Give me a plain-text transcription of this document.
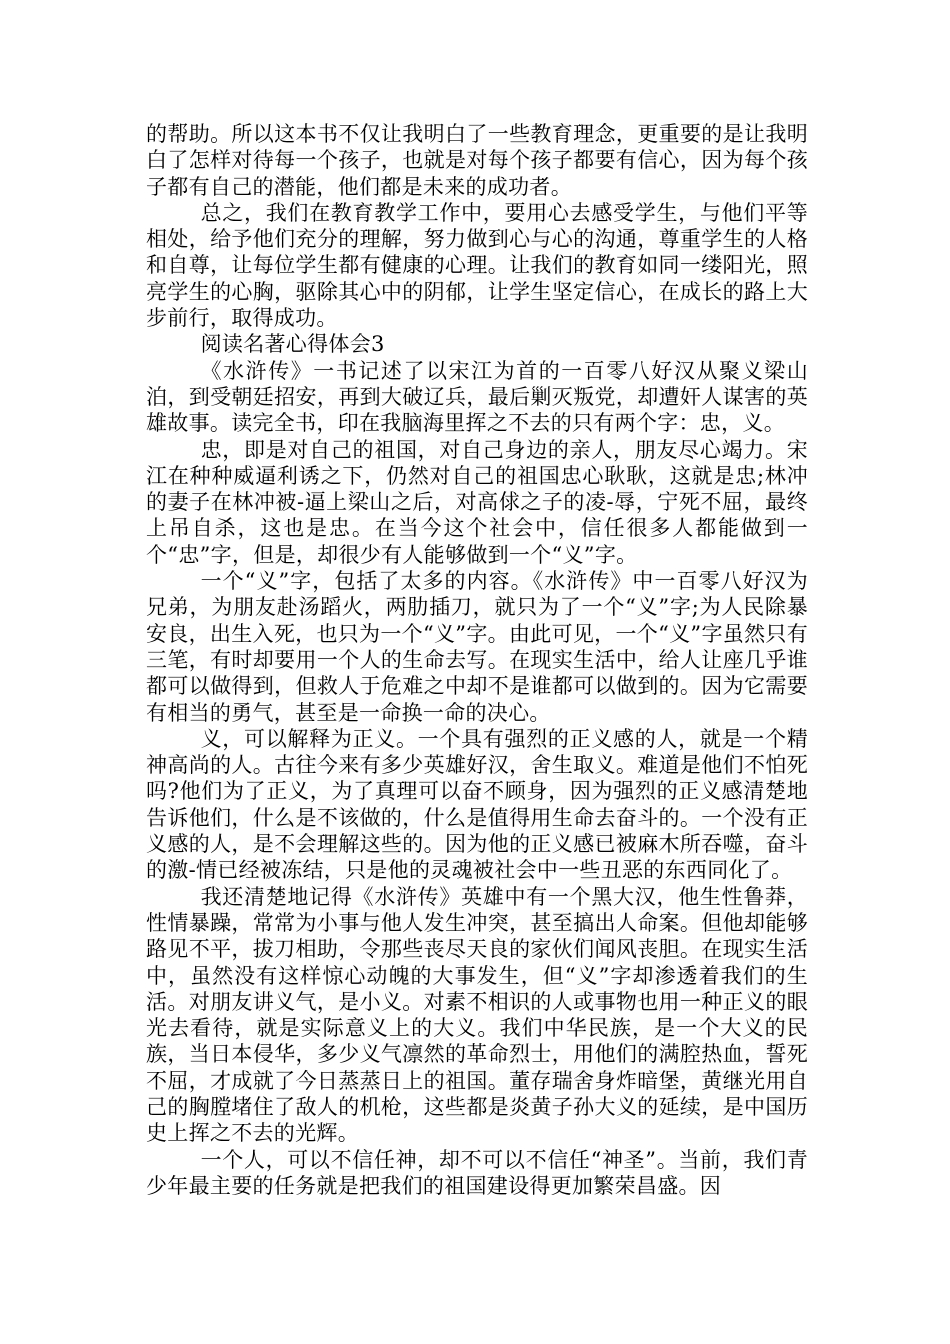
的帮助。所以这本书不仅让我明白了一些教育理念，更重要的是让我明白了怎样对待每一个孩子，也就是对每个孩子都要有信心，因为每个孩子都有自己的潜能，他们都是未来的成功者。

总之，我们在教育教学工作中，要用心去感受学生，与他们平等相处，给予他们充分的理解，努力做到心与心的沟通，尊重学生的人格和自尊，让每位学生都有健康的心理。让我们的教育如同一缕阳光，照亮学生的心胸，驱除其心中的阴郁，让学生坚定信心，在成长的路上大步前行，取得成功。

阅读名著心得体会3

《水浒传》一书记述了以宋江为首的一百零八好汉从聚义梁山泊，到受朝廷招安，再到大破辽兵，最后剿灭叛党，却遭奸人谋害的英雄故事。读完全书，印在我脑海里挥之不去的只有两个字：忠，义。

忠，即是对自己的祖国，对自己身边的亲人，朋友尽心竭力。宋江在种种威逼利诱之下，仍然对自己的祖国忠心耿耿，这就是忠;林冲的妻子在林冲被-逼上梁山之后，对高俅之子的凌-辱，宁死不屈，最终上吊自杀，这也是忠。在当今这个社会中，信任很多人都能做到一个“忠”字，但是，却很少有人能够做到一个“义”字。

一个“义”字，包括了太多的内容。《水浒传》中一百零八好汉为兄弟，为朋友赴汤蹈火，两肋插刀，就只为了一个“义”字;为人民除暴安良，出生入死，也只为一个“义”字。由此可见，一个“义”字虽然只有三笔，有时却要用一个人的生命去写。在现实生活中，给人让座几乎谁都可以做得到，但救人于危难之中却不是谁都可以做到的。因为它需要有相当的勇气，甚至是一命换一命的决心。

义，可以解释为正义。一个具有强烈的正义感的人，就是一个精神高尚的人。古往今来有多少英雄好汉，舍生取义。难道是他们不怕死吗?他们为了正义，为了真理可以奋不顾身，因为强烈的正义感清楚地告诉他们，什么是不该做的，什么是值得用生命去奋斗的。一个没有正义感的人，是不会理解这些的。因为他的正义感已被麻木所吞噬，奋斗的激-情已经被冻结，只是他的灵魂被社会中一些丑恶的东西同化了。

我还清楚地记得《水浒传》英雄中有一个黑大汉，他生性鲁莽，性情暴躁，常常为小事与他人发生冲突，甚至搞出人命案。但他却能够路见不平，拔刀相助，令那些丧尽天良的家伙们闻风丧胆。在现实生活中，虽然没有这样惊心动魄的大事发生，但“义”字却渗透着我们的生活。对朋友讲义气，是小义。对素不相识的人或事物也用一种正义的眼光去看待，就是实际意义上的大义。我们中华民族，是一个大义的民族，当日本侵华，多少义气凛然的革命烈士，用他们的满腔热血，誓死不屈，才成就了今日蒸蒸日上的祖国。董存瑞舍身炸暗堡，黄继光用自己的胸膛堵住了敌人的机枪，这些都是炎黄子孙大义的延续，是中国历史上挥之不去的光辉。

一个人，可以不信任神，却不可以不信任“神圣”。当前，我们青少年最主要的任务就是把我们的祖国建设得更加繁荣昌盛。因
